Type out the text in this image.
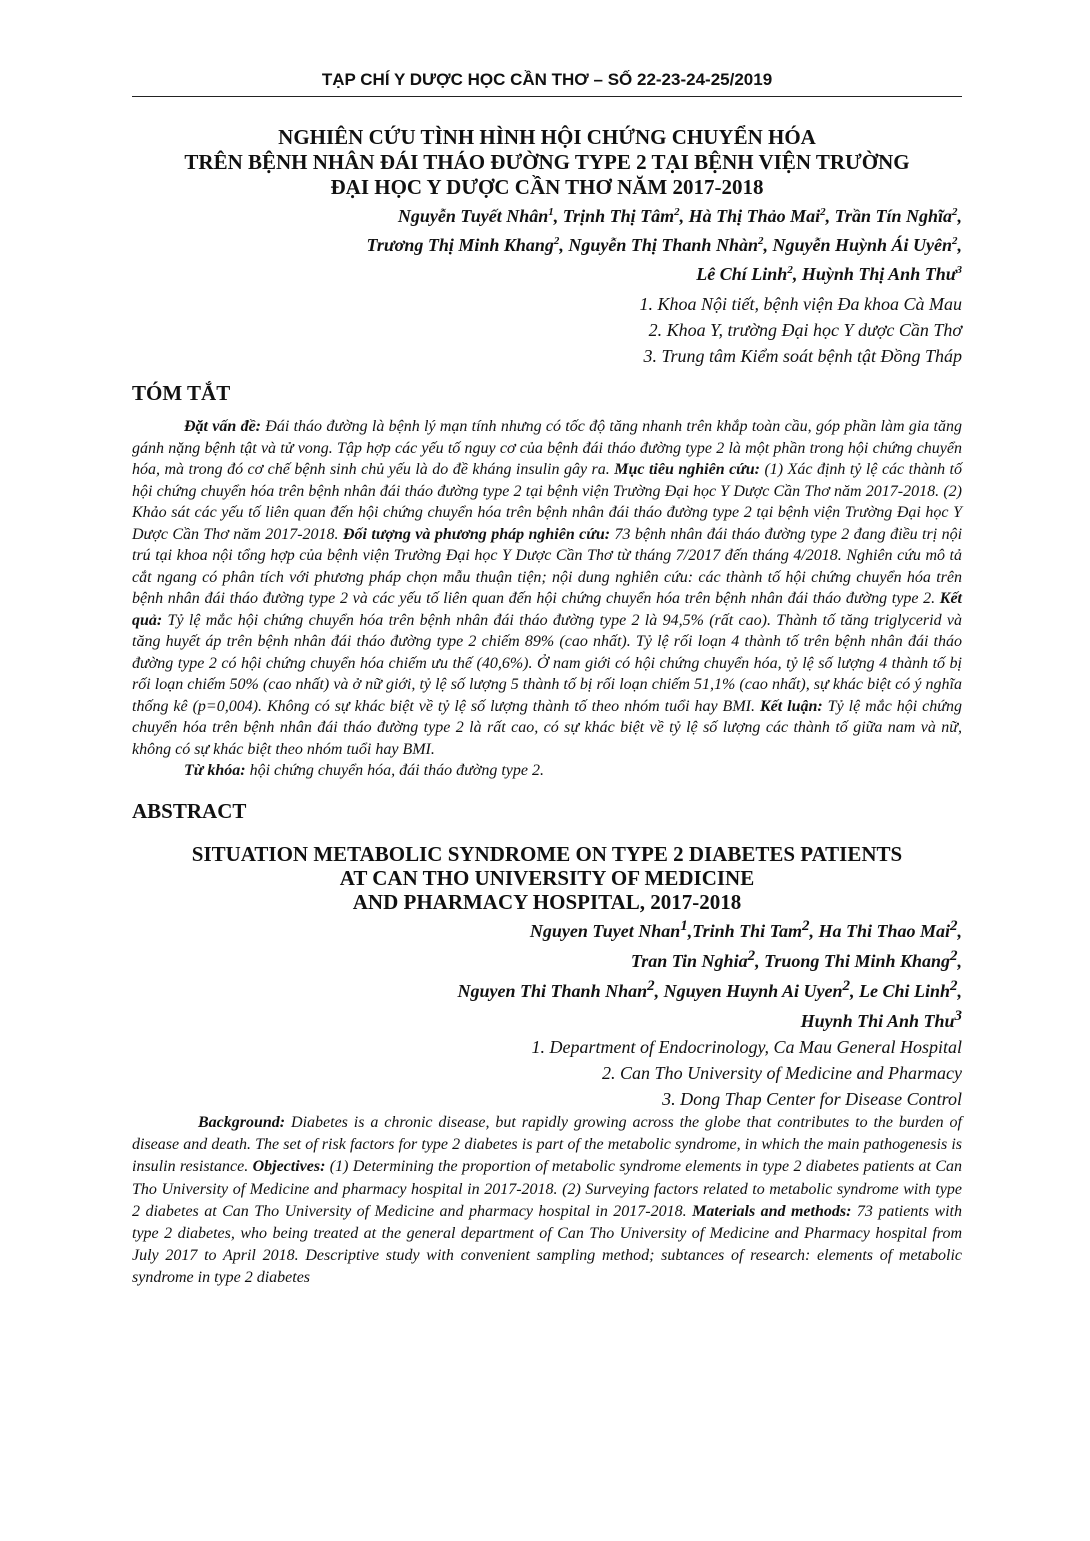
TẠP CHÍ Y DƯỢC HỌC CẦN THƠ – SỐ 22-23-24-25/2019
NGHIÊN CỨU TÌNH HÌNH HỘI CHỨNG CHUYỂN HÓA
TRÊN BỆNH NHÂN ĐÁI THÁO ĐƯỜNG TYPE 2 TẠI BỆNH VIỆN TRƯỜNG
ĐẠI HỌC Y DƯỢC CẦN THƠ NĂM 2017-2018
Nguyễn Tuyết Nhân$^1$, Trịnh Thị Tâm$^2$, Hà Thị Thảo Mai$^2$, Trần Tín Nghĩa$^2$,
Trương Thị Minh Khang$^2$, Nguyễn Thị Thanh Nhàn$^2$, Nguyễn Huỳnh Ái Uyên$^2$,
Lê Chí Linh$^2$, Huỳnh Thị Anh Thư$^3$
1. Khoa Nội tiết, bệnh viện Đa khoa Cà Mau
2. Khoa Y, trường Đại học Y dược Cần Thơ
3. Trung tâm Kiểm soát bệnh tật Đồng Tháp
TÓM TẮT
Đặt vấn đề: Đái tháo đường là bệnh lý mạn tính nhưng có tốc độ tăng nhanh trên khắp toàn cầu, góp phần làm gia tăng gánh nặng bệnh tật và tử vong. Tập hợp các yếu tố nguy cơ của bệnh đái tháo đường type 2 là một phần trong hội chứng chuyển hóa, mà trong đó cơ chế bệnh sinh chủ yếu là do đề kháng insulin gây ra. Mục tiêu nghiên cứu: (1) Xác định tỷ lệ các thành tố hội chứng chuyển hóa trên bệnh nhân đái tháo đường type 2 tại bệnh viện Trường Đại học Y Dược Cần Thơ năm 2017-2018. (2) Khảo sát các yếu tố liên quan đến hội chứng chuyển hóa trên bệnh nhân đái tháo đường type 2 tại bệnh viện Trường Đại học Y Dược Cần Thơ năm 2017-2018. Đối tượng và phương pháp nghiên cứu: 73 bệnh nhân đái tháo đường type 2 đang điều trị nội trú tại khoa nội tổng hợp của bệnh viện Trường Đại học Y Dược Cần Thơ từ tháng 7/2017 đến tháng 4/2018. Nghiên cứu mô tả cắt ngang có phân tích với phương pháp chọn mẫu thuận tiện; nội dung nghiên cứu: các thành tố hội chứng chuyển hóa trên bệnh nhân đái tháo đường type 2 và các yếu tố liên quan đến hội chứng chuyển hóa trên bệnh nhân đái tháo đường type 2. Kết quả: Tỷ lệ mắc hội chứng chuyển hóa trên bệnh nhân đái tháo đường type 2 là 94,5% (rất cao). Thành tố tăng triglycerid và tăng huyết áp trên bệnh nhân đái tháo đường type 2 chiếm 89% (cao nhất). Tỷ lệ rối loạn 4 thành tố trên bệnh nhân đái tháo đường type 2 có hội chứng chuyển hóa chiếm ưu thế (40,6%). Ở nam giới có hội chứng chuyển hóa, tỷ lệ số lượng 4 thành tố bị rối loạn chiếm 50% (cao nhất) và ở nữ giới, tỷ lệ số lượng 5 thành tố bị rối loạn chiếm 51,1% (cao nhất), sự khác biệt có ý nghĩa thống kê (p=0,004). Không có sự khác biệt về tỷ lệ số lượng thành tố theo nhóm tuổi hay BMI. Kết luận: Tỷ lệ mắc hội chứng chuyển hóa trên bệnh nhân đái tháo đường type 2 là rất cao, có sự khác biệt về tỷ lệ số lượng các thành tố giữa nam và nữ, không có sự khác biệt theo nhóm tuổi hay BMI.
Từ khóa: hội chứng chuyển hóa, đái tháo đường type 2.
ABSTRACT
SITUATION METABOLIC SYNDROME ON TYPE 2 DIABETES PATIENTS
AT CAN THO UNIVERSITY OF MEDICINE
AND PHARMACY HOSPITAL, 2017-2018
Nguyen Tuyet Nhan$^1$,Trinh Thi Tam$^2$, Ha Thi Thao Mai$^2$,
Tran Tin Nghia$^2$, Truong Thi Minh Khang$^2$,
Nguyen Thi Thanh Nhan$^2$, Nguyen Huynh Ai Uyen$^2$, Le Chi Linh$^2$,
Huynh Thi Anh Thu$^3$
1. Department of Endocrinology, Ca Mau General Hospital
2. Can Tho University of Medicine and Pharmacy
3. Dong Thap Center for Disease Control
Background: Diabetes is a chronic disease, but rapidly growing across the globe that contributes to the burden of disease and death. The set of risk factors for type 2 diabetes is part of the metabolic syndrome, in which the main pathogenesis is insulin resistance. Objectives: (1) Determining the proportion of metabolic syndrome elements in type 2 diabetes patients at Can Tho University of Medicine and pharmacy hospital in 2017-2018. (2) Surveying factors related to metabolic syndrome with type 2 diabetes at Can Tho University of Medicine and pharmacy hospital in 2017-2018. Materials and methods: 73 patients with type 2 diabetes, who being treated at the general department of Can Tho University of Medicine and Pharmacy hospital from July 2017 to April 2018. Descriptive study with convenient sampling method; subtances of research: elements of metabolic syndrome in type 2 diabetes
